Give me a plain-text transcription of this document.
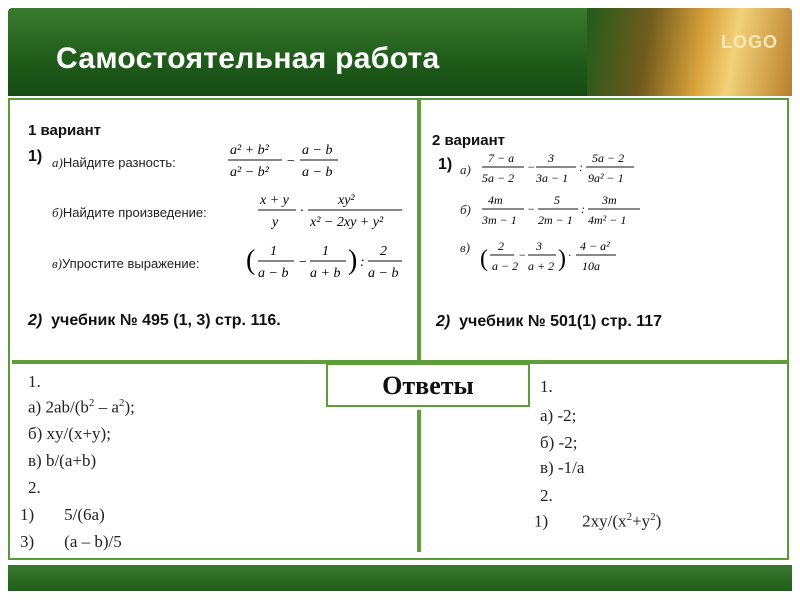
Самостоятельная работа	LOGO
1 вариант
1) а)Найдите разность:
a² + b²
a² − b²
−
a − b
a − b
б)Найдите произведение:
x + y
y
·
xy²
x² − 2xy + y²
в)Упростите выражение: ( 1
a − b
−
1
a + b ) :
2
a − b
2) учебник № 495 (1, 3) стр. 116.
2 вариант
1) а)
7 − a
5a − 2
−
3
3a − 1
:
5a − 2
9a² − 1
б)
4m
3m − 1
−
5
2m − 1
:
3m
4m² − 1
в) ( 2
a − 2
−
3
a + 2 ) ·
4 − a²
10a
2) учебник № 501(1) стр. 117
Ответы
1.
а) $2ab/(b^2 - a^2)$;
б) xy/(x+y);
в) b/(a+b)
2.
1) 5/(6a)
3) (a – b)/5
1.
а) -2;
б) -2;
в) -1/a
2.
1) $2xy/(x^2+y^2)$
